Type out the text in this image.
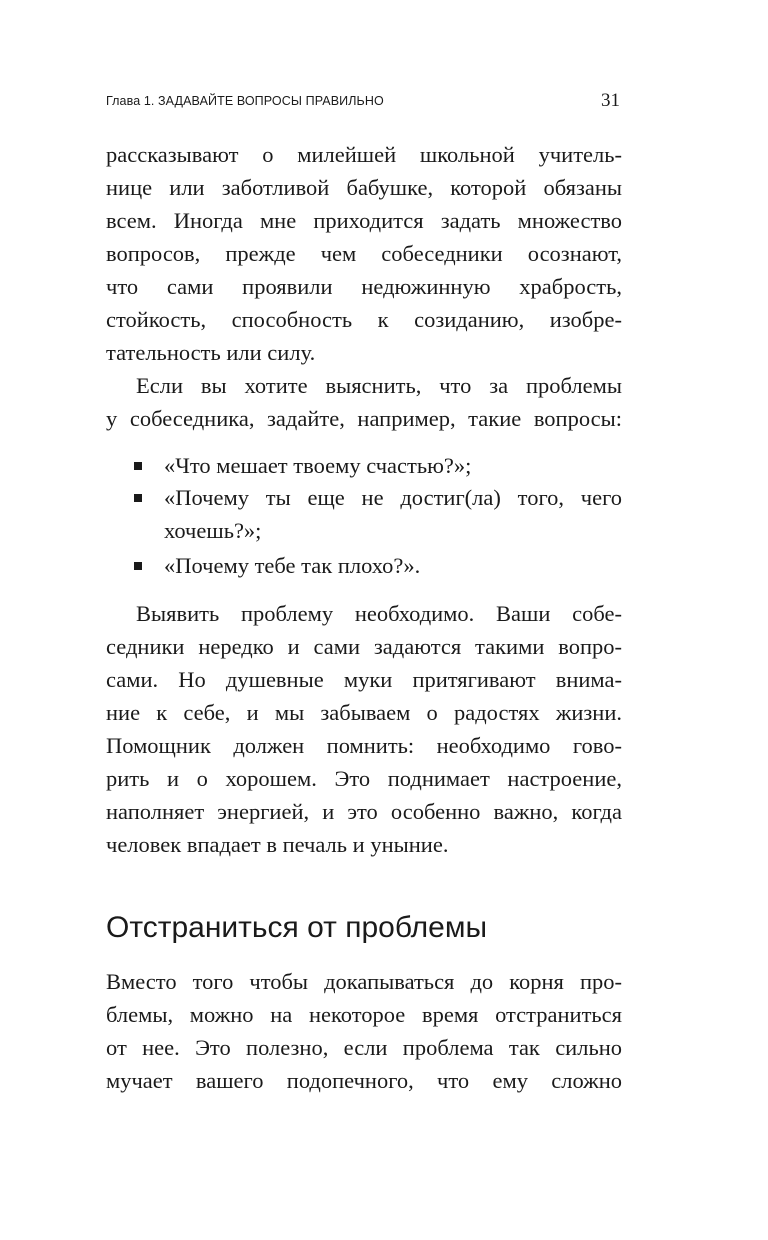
Глава 1. ЗАДАВАЙТЕ ВОПРОСЫ ПРАВИЛЬНО	31
рассказывают о милейшей школьной учитель-
нице или заботливой бабушке, которой обязаны
всем. Иногда мне приходится задать множество
вопросов, прежде чем собеседники осознают,
что сами проявили недюжинную храбрость,
стойкость, способность к созиданию, изобре-
тательность или силу.
Если вы хотите выяснить, что за проблемы
у собеседника, задайте, например, такие вопросы:
«Что мешает твоему счастью?»;
«Почему ты еще не достиг(ла) того, чего
хочешь?»;
«Почему тебе так плохо?».
Выявить проблему необходимо. Ваши собе-
седники нередко и сами задаются такими вопро-
сами. Но душевные муки притягивают внима-
ние к себе, и мы забываем о радостях жизни.
Помощник должен помнить: необходимо гово-
рить и о хорошем. Это поднимает настроение,
наполняет энергией, и это особенно важно, когда
человек впадает в печаль и уныние.
Отстраниться от проблемы
Вместо того чтобы докапываться до корня про-
блемы, можно на некоторое время отстраниться
от нее. Это полезно, если проблема так сильно
мучает вашего подопечного, что ему сложно
